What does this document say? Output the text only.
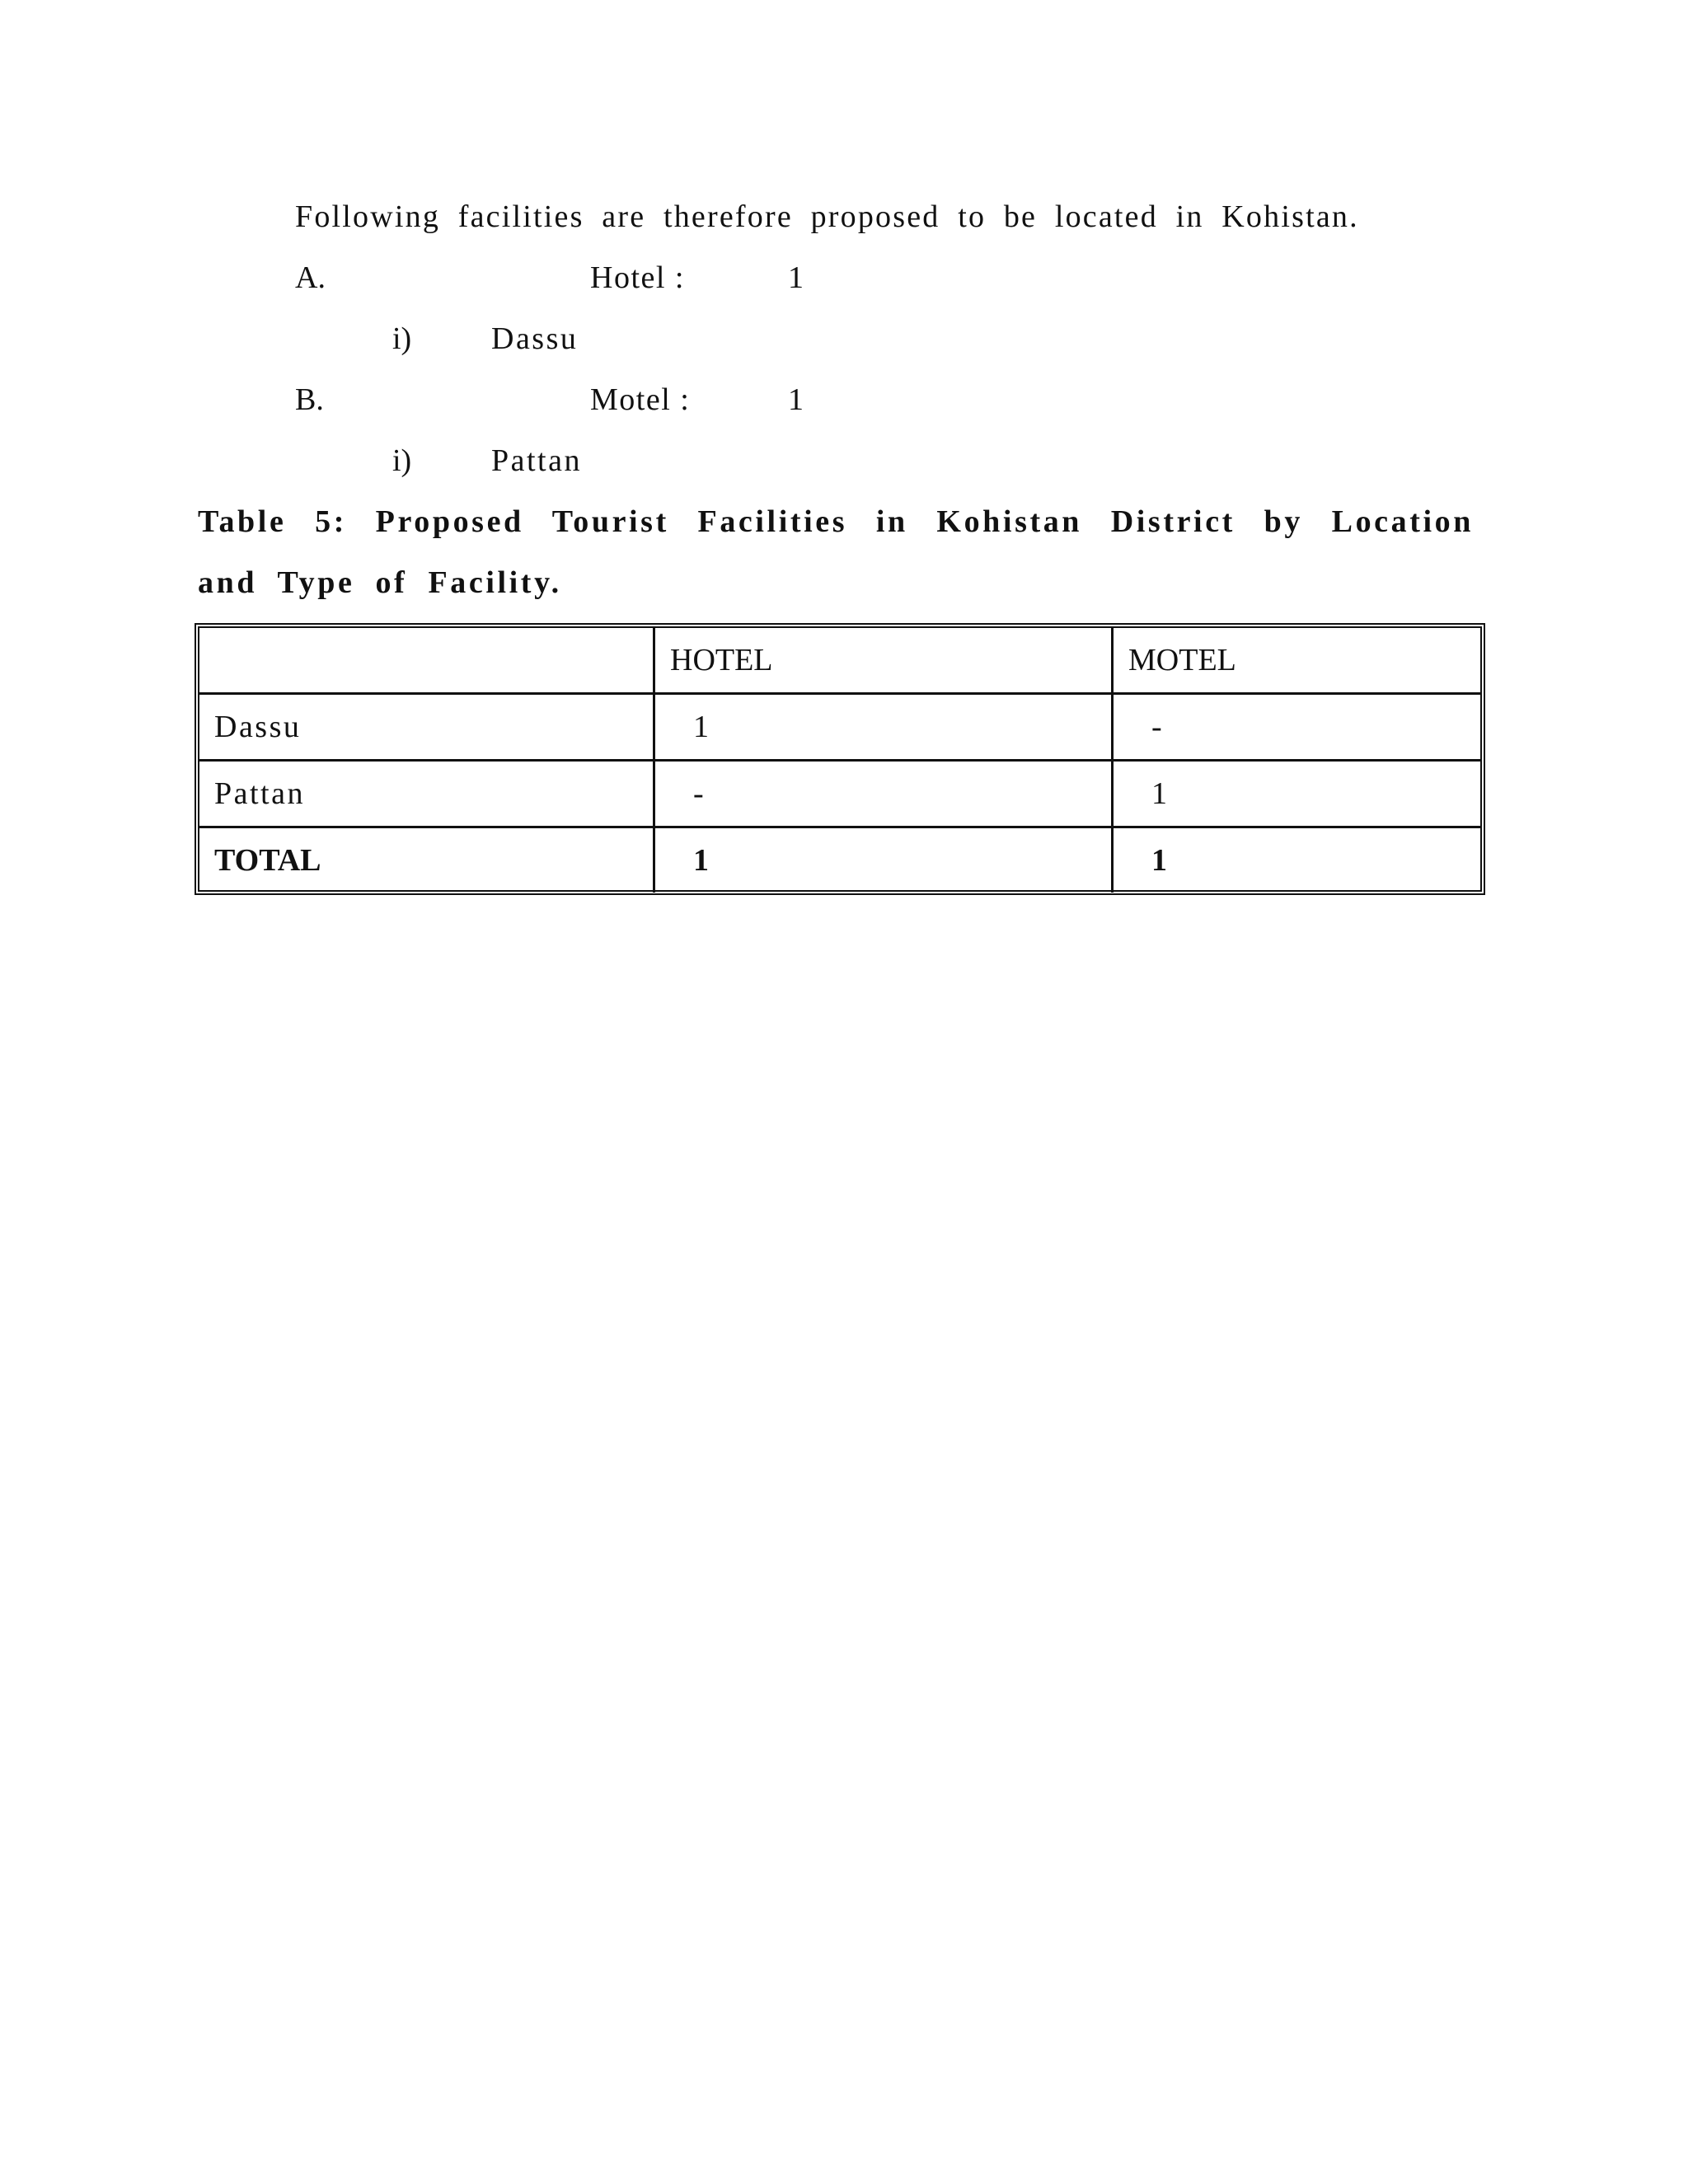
Following facilities are therefore proposed to be located in Kohistan.
A.	Hotel :	1
i)	Dassu
B.	Motel :	1
i)	Pattan
Table 5: Proposed Tourist Facilities in Kohistan District by Location
and Type of Facility.
	HOTEL	MOTEL
Dassu	1	-
Pattan	-	1
TOTAL	1	1
